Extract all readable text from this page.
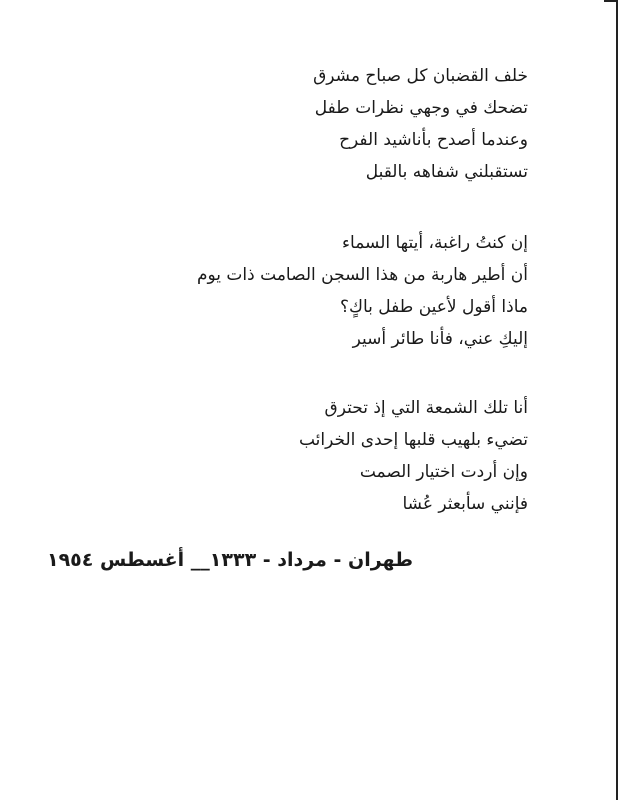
خلف القضبان كل صباح مشرق
تضحك في وجهي نظرات طفل
وعندما أصدح بأناشيد الفرح
تستقبلني شفاهه بالقبل
إن كنتُ راغبة، أيتها السماء
أن أطير هاربة من هذا السجن الصامت ذات يوم
ماذا أقول لأعين طفل باكٍ؟
إليكِ عني، فأنا طائر أسير
أنا تلك الشمعة التي إذ تحترق
تضيء بلهيب قلبها إحدى الخرائب
وإن أردت اختيار الصمت
فإنني سأبعثر عُشا
طهران - مرداد - ١٣٣٣__ أغسطس ١٩٥٤
